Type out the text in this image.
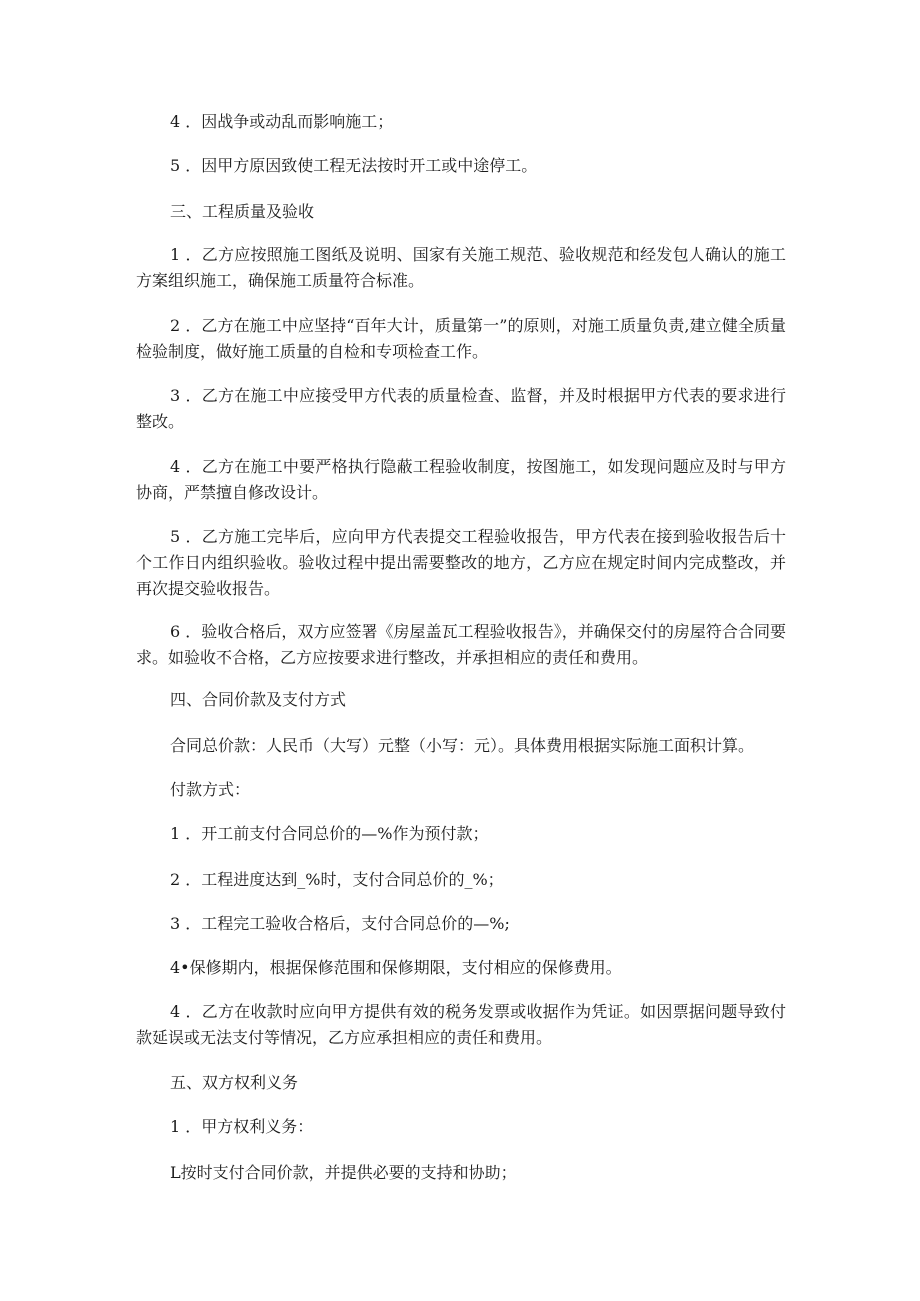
4 ．因战争或动乱而影响施工；

5 ．因甲方原因致使工程无法按时开工或中途停工。

三、工程质量及验收

1 ．乙方应按照施工图纸及说明、国家有关施工规范、验收规范和经发包人确认的施工方案组织施工，确保施工质量符合标准。

2 ．乙方在施工中应坚持“百年大计，质量第一”的原则，对施工质量负责,建立健全质量检验制度，做好施工质量的自检和专项检查工作。

3 ．乙方在施工中应接受甲方代表的质量检查、监督，并及时根据甲方代表的要求进行整改。

4 ．乙方在施工中要严格执行隐蔽工程验收制度，按图施工，如发现问题应及时与甲方协商，严禁擅自修改设计。

5 ．乙方施工完毕后，应向甲方代表提交工程验收报告，甲方代表在接到验收报告后十个工作日内组织验收。验收过程中提出需要整改的地方，乙方应在规定时间内完成整改，并再次提交验收报告。

6 ．验收合格后，双方应签署《房屋盖瓦工程验收报告》，并确保交付的房屋符合合同要求。如验收不合格，乙方应按要求进行整改，并承担相应的责任和费用。

四、合同价款及支付方式

合同总价款：人民币（大写）元整（小写：元）。具体费用根据实际施工面积计算。

付款方式：

1 ．开工前支付合同总价的—%作为预付款；

2 ．工程进度达到_%时，支付合同总价的_%；

3 ．工程完工验收合格后，支付合同总价的—%;

4•保修期内，根据保修范围和保修期限，支付相应的保修费用。

4 ．乙方在收款时应向甲方提供有效的税务发票或收据作为凭证。如因票据问题导致付款延误或无法支付等情况，乙方应承担相应的责任和费用。

五、双方权利义务

1 ．甲方权利义务：

L按时支付合同价款，并提供必要的支持和协助；
